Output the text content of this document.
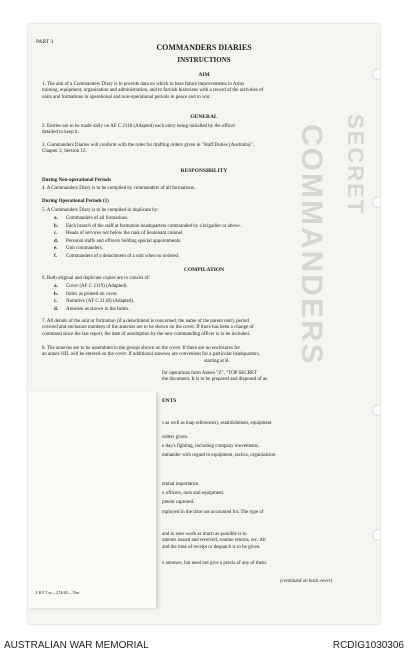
COMMANDERS SECRET
PART 3
COMMANDERS DIARIES
INSTRUCTIONS
AIM
1. The aim of a Commanders Diary is to provide data on which to base future improvements in Army
training, equipment, organization and administration, and to furnish historians with a record of the activities of
units and formations in operational and non-operational periods in peace and in war.
GENERAL
2. Entries are to be made daily on AF C 2118 (Adapted) each entry being initialled by the officer
detailed to keep it.
3. Commanders Diaries will conform with the rules for drafting orders given in "Staff Duties (Australia)",
Chapter 2, Section 12.
RESPONSIBILITY
During Non-operational Periods
4. A Commanders Diary is to be compiled by commanders of all formations.
During Operational Periods (1)
5. A Commanders Diary is to be compiled in duplicate by:
a. Commanders of all formations.
b. Each branch of the staff at formation headquarters commanded by a brigadier or above.
c. Heads of services not below the rank of lieutenant colonel.
d. Personal staffs and officers holding special appointments.
e. Unit commanders.
f. Commanders of a detachment of a unit when so ordered.
COMPILATION
6. Both original and duplicate copies are to consist of:
a. Cover (AF C 2119) (Adapted).
b. Index as printed on cover.
c. Narrative (AF C 2118) (Adapted).
d. Annexes as shown in the Index.
7. All details of the unit or formation (if a detachment is concerned, the name of the parent unit), period
covered and enclosure numbers of the annexes are to be shown on the cover. If there has been a change of
command since the last report, the date of assumption by the new commanding officer is to be included.
8. The annexes are to be assembled in the groups shown on the cover. If there are no enclosures for
an annex NIL will be entered on the cover. If additional annexes are convenient for a particular headquarters,
starting at B.
for operations form Annex "Z", "TOP SECRET
the document. It is to be prepared and disposed of as
ENTS
s as well as map references), establishment, equipment
orders given.
e day's fighting, including company movements.
mmander with regard to equipment, tactics, organization
tential importance.
o officers, men and equipment.
pment captured.
mployed in the time not accounted for. The type of
and to save work as much as possible is to
uments issued and received, routine returns, etc. All
and the time of receipt or despatch is to be given.
e annexes, but need not give a precis of any of them.
(continued on back cover)
I B F Cry—274/65—15m
AUSTRALIAN WAR MEMORIAL	RCDIG1030306
